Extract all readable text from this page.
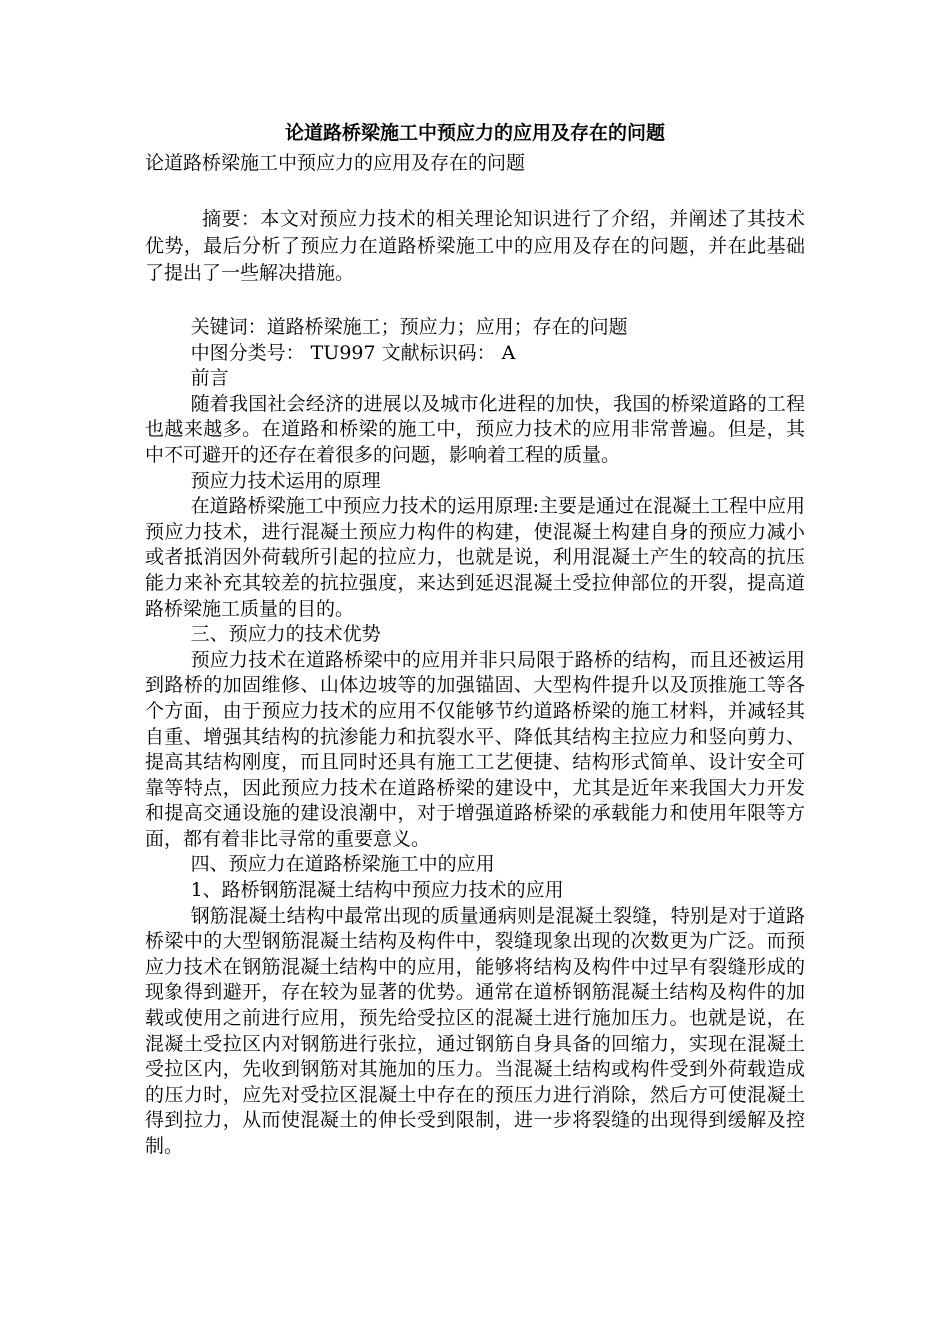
论道路桥梁施工中预应力的应用及存在的问题
论道路桥梁施工中预应力的应用及存在的问题

摘要：本文对预应力技术的相关理论知识进行了介绍，并阐述了其技术优势，最后分析了预应力在道路桥梁施工中的应用及存在的问题，并在此基础了提出了一些解决措施。

关键词：道路桥梁施工；预应力；应用；存在的问题

中图分类号： TU997 文献标识码： A

前言

随着我国社会经济的进展以及城市化进程的加快，我国的桥梁道路的工程也越来越多。在道路和桥梁的施工中，预应力技术的应用非常普遍。但是，其中不可避开的还存在着很多的问题，影响着工程的质量。

预应力技术运用的原理

在道路桥梁施工中预应力技术的运用原理:主要是通过在混凝土工程中应用预应力技术，进行混凝土预应力构件的构建，使混凝土构建自身的预应力减小或者抵消因外荷载所引起的拉应力，也就是说，利用混凝土产生的较高的抗压能力来补充其较差的抗拉强度，来达到延迟混凝土受拉伸部位的开裂，提高道路桥梁施工质量的目的。

三、预应力的技术优势

预应力技术在道路桥梁中的应用并非只局限于路桥的结构，而且还被运用到路桥的加固维修、山体边坡等的加强锚固、大型构件提升以及顶推施工等各个方面，由于预应力技术的应用不仅能够节约道路桥梁的施工材料，并减轻其自重、增强其结构的抗渗能力和抗裂水平、降低其结构主拉应力和竖向剪力、提高其结构刚度，而且同时还具有施工工艺便捷、结构形式简单、设计安全可靠等特点，因此预应力技术在道路桥梁的建设中，尤其是近年来我国大力开发和提高交通设施的建设浪潮中，对于增强道路桥梁的承载能力和使用年限等方面，都有着非比寻常的重要意义。

四、预应力在道路桥梁施工中的应用

1、路桥钢筋混凝土结构中预应力技术的应用

钢筋混凝土结构中最常出现的质量通病则是混凝土裂缝，特别是对于道路桥梁中的大型钢筋混凝土结构及构件中，裂缝现象出现的次数更为广泛。而预应力技术在钢筋混凝土结构中的应用，能够将结构及构件中过早有裂缝形成的现象得到避开，存在较为显著的优势。通常在道桥钢筋混凝土结构及构件的加载或使用之前进行应用，预先给受拉区的混凝土进行施加压力。也就是说，在混凝土受拉区内对钢筋进行张拉，通过钢筋自身具备的回缩力，实现在混凝土受拉区内，先收到钢筋对其施加的压力。当混凝土结构或构件受到外荷载造成的压力时，应先对受拉区混凝土中存在的预压力进行消除，然后方可使混凝土得到拉力，从而使混凝土的伸长受到限制，进一步将裂缝的出现得到缓解及控制。
